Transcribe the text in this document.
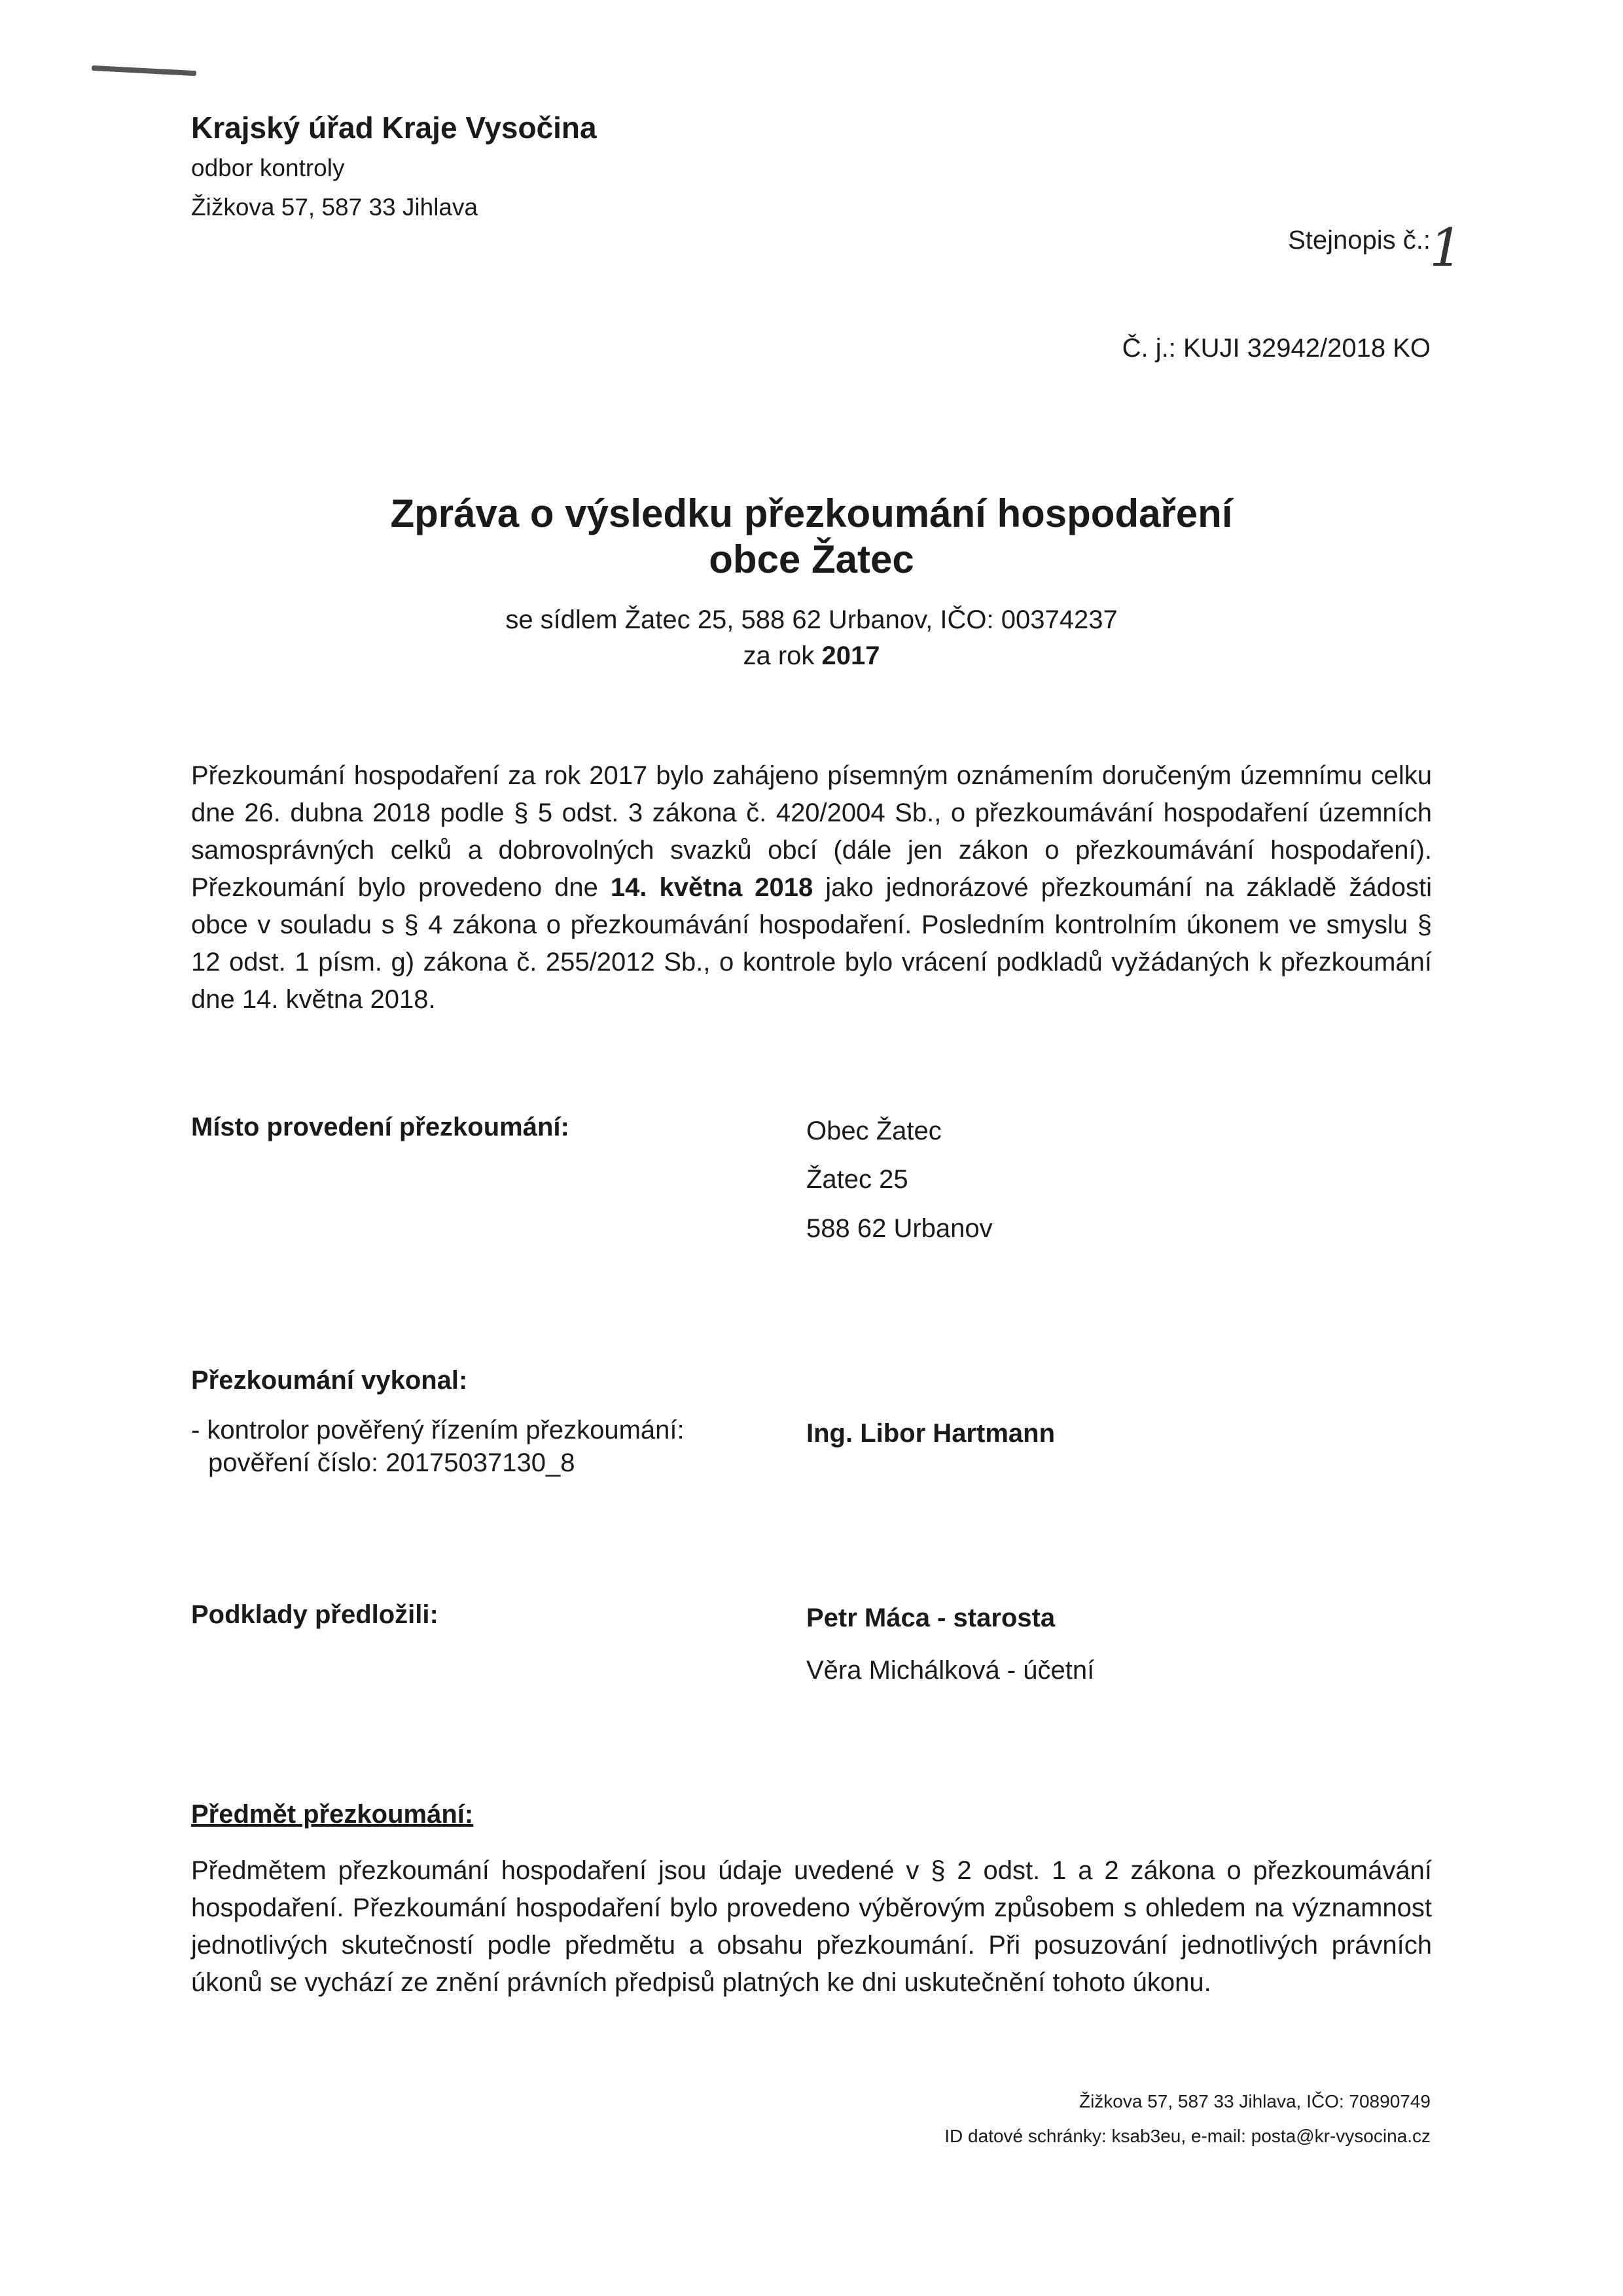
Krajský úřad Kraje Vysočina
odbor kontroly
Žižkova 57, 587 33 Jihlava
Stejnopis č.:
1
Č. j.: KUJI 32942/2018 KO
Zpráva o výsledku přezkoumání hospodaření
obce Žatec
se sídlem Žatec 25, 588 62 Urbanov, IČO: 00374237
za rok 2017
Přezkoumání hospodaření za rok 2017 bylo zahájeno písemným oznámením doručeným územnímu celku dne 26. dubna 2018 podle § 5 odst. 3 zákona č. 420/2004 Sb., o přezkoumávání hospodaření územních samosprávných celků a dobrovolných svazků obcí (dále jen zákon o přezkoumávání hospodaření). Přezkoumání bylo provedeno dne 14. května 2018 jako jednorázové přezkoumání na základě žádosti obce v souladu s § 4 zákona o přezkoumávání hospodaření. Posledním kontrolním úkonem ve smyslu § 12 odst. 1 písm. g) zákona č. 255/2012 Sb., o kontrole bylo vrácení podkladů vyžádaných k přezkoumání dne 14. května 2018.
Místo provedení přezkoumání:	Obec Žatec
Žatec 25
588 62 Urbanov
Přezkoumání vykonal:
- kontrolor pověřený řízením přezkoumání:	Ing. Libor Hartmann
pověření číslo: 20175037130_8
Podklady předložili:	Petr Máca - starosta
Věra Michálková - účetní
Předmět přezkoumání:
Předmětem přezkoumání hospodaření jsou údaje uvedené v § 2 odst. 1 a 2 zákona o přezkoumávání hospodaření. Přezkoumání hospodaření bylo provedeno výběrovým způsobem s ohledem na významnost jednotlivých skutečností podle předmětu a obsahu přezkoumání. Při posuzování jednotlivých právních úkonů se vychází ze znění právních předpisů platných ke dni uskutečnění tohoto úkonu.
Žižkova 57, 587 33 Jihlava, IČO: 70890749
ID datové schránky: ksab3eu, e-mail: posta@kr-vysocina.cz
